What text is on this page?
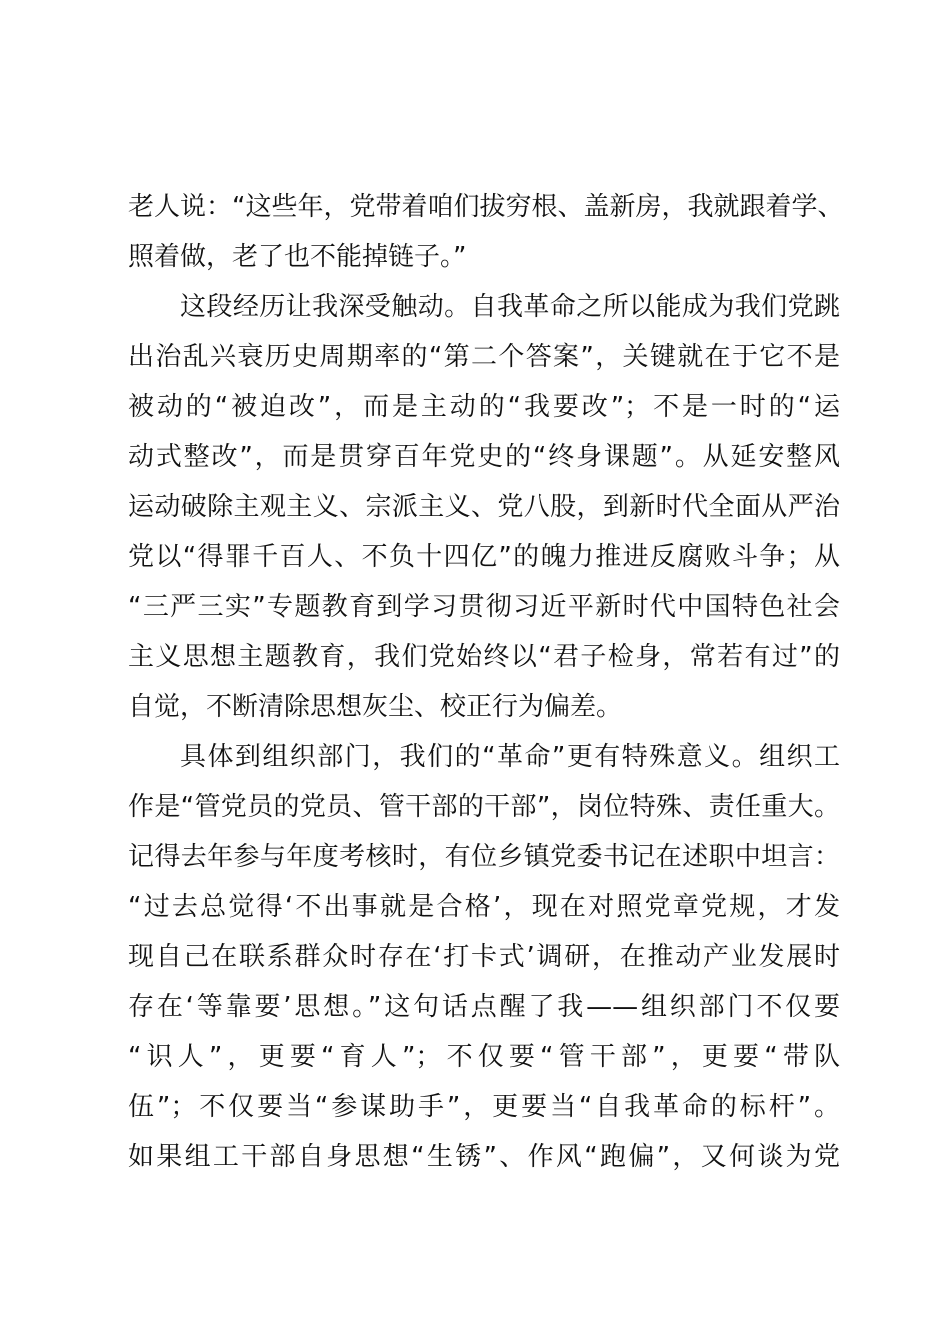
老人说：“这些年，党带着咱们拔穷根、盖新房，我就跟着学、
照着做，老了也不能掉链子。”
这段经历让我深受触动。自我革命之所以能成为我们党跳
出治乱兴衰历史周期率的“第二个答案”，关键就在于它不是
被动的“被迫改”，而是主动的“我要改”；不是一时的“运
动式整改”，而是贯穿百年党史的“终身课题”。从延安整风
运动破除主观主义、宗派主义、党八股，到新时代全面从严治
党以“得罪千百人、不负十四亿”的魄力推进反腐败斗争；从
“三严三实”专题教育到学习贯彻习近平新时代中国特色社会
主义思想主题教育，我们党始终以“君子检身，常若有过”的
自觉，不断清除思想灰尘、校正行为偏差。
具体到组织部门，我们的“革命”更有特殊意义。组织工
作是“管党员的党员、管干部的干部”，岗位特殊、责任重大。
记得去年参与年度考核时，有位乡镇党委书记在述职中坦言：
“过去总觉得‘不出事就是合格’，现在对照党章党规，才发
现自己在联系群众时存在‘打卡式’调研，在推动产业发展时
存在‘等靠要’思想。”这句话点醒了我——组织部门不仅要
“识人”，更要“育人”；不仅要“管干部”，更要“带队
伍”；不仅要当“参谋助手”，更要当“自我革命的标杆”。
如果组工干部自身思想“生锈”、作风“跑偏”，又何谈为党
